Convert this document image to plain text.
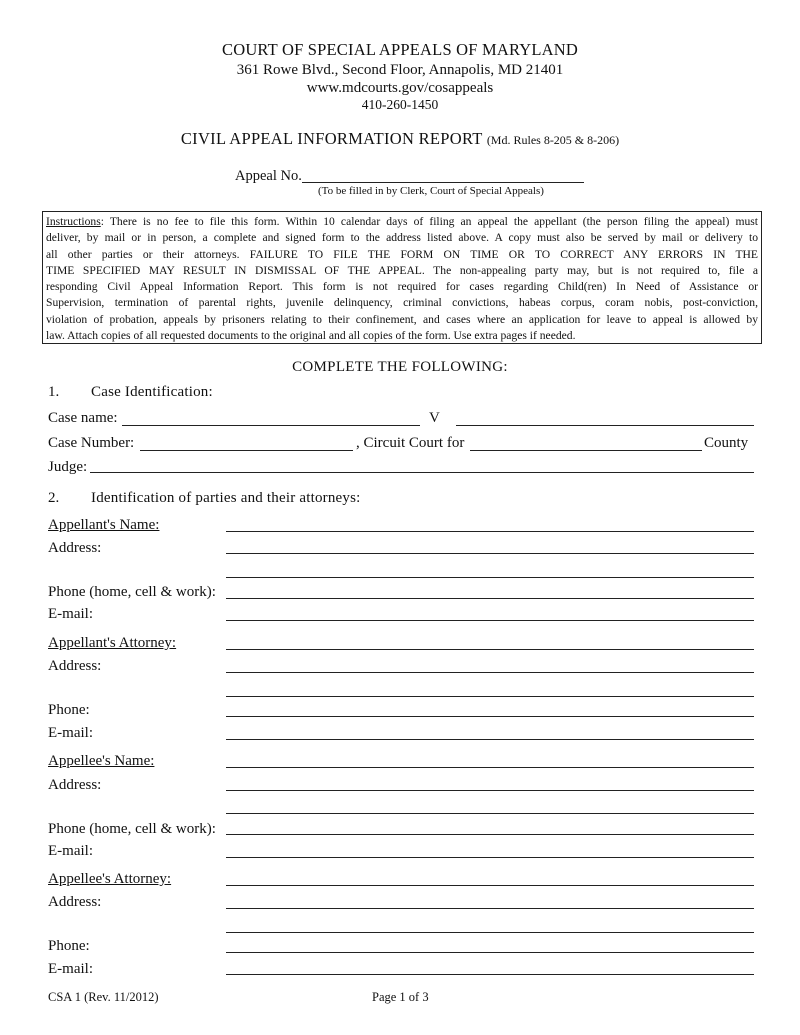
COURT OF SPECIAL APPEALS OF MARYLAND
361 Rowe Blvd., Second Floor, Annapolis, MD 21401
www.mdcourts.gov/cosappeals
410-260-1450
CIVIL APPEAL INFORMATION REPORT (Md. Rules 8-205 & 8-206)
Appeal No.
(To be filled in by Clerk, Court of Special Appeals)
Instructions: There is no fee to file this form. Within 10 calendar days of filing an appeal the appellant (the person filing the appeal) must
deliver, by mail or in person, a complete and signed form to the address listed above. A copy must also be served by mail or delivery to
all other parties or their attorneys. FAILURE TO FILE THE FORM ON TIME OR TO CORRECT ANY ERRORS IN THE
TIME SPECIFIED MAY RESULT IN DISMISSAL OF THE APPEAL. The non-appealing party may, but is not required to, file a
responding Civil Appeal Information Report. This form is not required for cases regarding Child(ren) In Need of Assistance or
Supervision, termination of parental rights, juvenile delinquency, criminal convictions, habeas corpus, coram nobis, post-conviction,
violation of probation, appeals by prisoners relating to their confinement, and cases where an application for leave to appeal is allowed by
law. Attach copies of all requested documents to the original and all copies of the form. Use extra pages if needed.
COMPLETE THE FOLLOWING:
1. Case Identification:
Case name:	V
Case Number:	, Circuit Court for	County
Judge:
2. Identification of parties and their attorneys:
Appellant's Name:
Address:
Phone (home, cell & work):
E-mail:
Appellant's Attorney:
Address:
Phone:
E-mail:
Appellee's Name:
Address:
Phone (home, cell & work):
E-mail:
Appellee's Attorney:
Address:
Phone:
E-mail:
CSA 1 (Rev. 11/2012)	Page 1 of 3
